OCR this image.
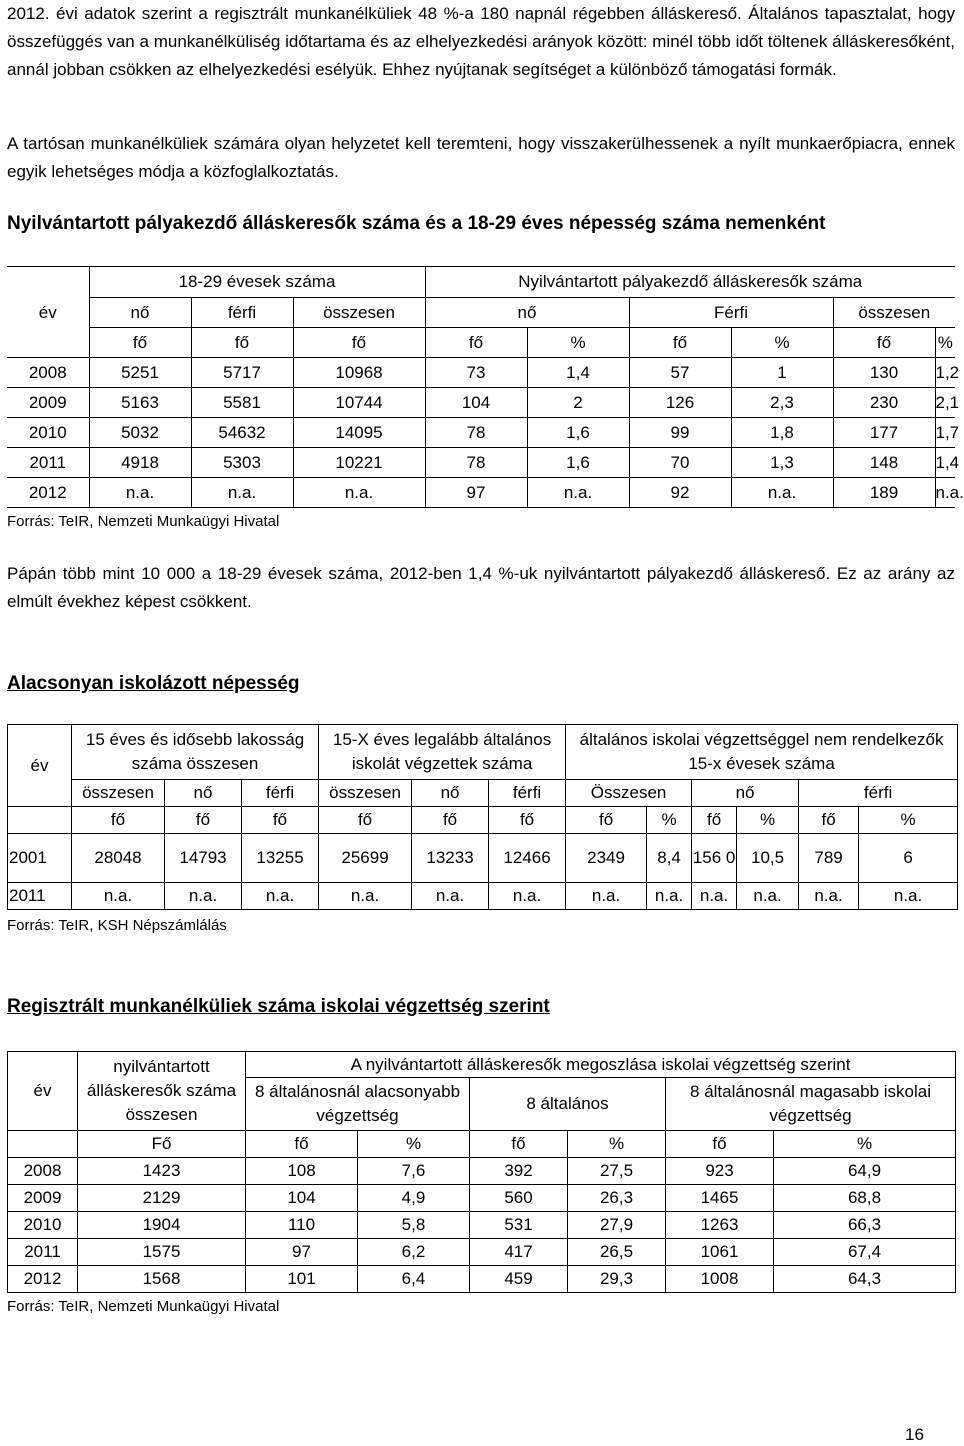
2012. évi adatok szerint a regisztrált munkanélküliek 48 %-a 180 napnál régebben álláskereső. Általános tapasztalat, hogy összefüggés van a munkanélküliség időtartama és az elhelyezkedési arányok között: minél több időt töltenek álláskeresőként, annál jobban csökken az elhelyezkedési esélyük. Ehhez nyújtanak segítséget a különböző támogatási formák.

A tartósan munkanélküliek számára olyan helyzetet kell teremteni, hogy visszakerülhessenek a nyílt munkaerőpiacra, ennek egyik lehetséges módja a közfoglalkoztatás.

Nyilvántartott pályakezdő álláskeresők száma és a 18-29 éves népesség száma nemenként
	18-29 évesek száma			Nyilvántartott pályakezdő álláskeresők száma					
év	nő	férfi	összesen	nő		Férfi		összesen	
	fő	fő	fő	fő	%	fő	%	fő	%
2008	5251	5717	10968	73	1,4	57	1	130	1,2
2009	5163	5581	10744	104	2	126	2,3	230	2,1
2010	5032	54632	14095	78	1,6	99	1,8	177	1,7
2011	4918	5303	10221	78	1,6	70	1,3	148	1,4
2012	n.a.	n.a.	n.a.	97	n.a.	92	n.a.	189	n.a.
Forrás: TeIR, Nemzeti Munkaügyi Hivatal

Pápán több mint 10 000 a 18-29 évesek száma, 2012-ben 1,4 %-uk nyilvántartott pályakezdő álláskereső. Ez az arány az elmúlt évekhez képest csökkent.

Alacsonyan iskolázott népesség
év	15 éves és idősebb lakosság száma összesen			15-X éves legalább általános iskolát végzettek száma			általános iskolai végzettséggel nem rendelkezők 15-x évesek száma					
	összesen	nő	férfi	összesen	nő	férfi	Összesen		nő		férfi	
	fő	fő	fő	fő	fő	fő	fő	%	fő	%	fő	%
2001	28048	14793	13255	25699	13233	12466	2349	8,4	156 0	10,5	789	6
2011	n.a.	n.a.	n.a.	n.a.	n.a.	n.a.	n.a.	n.a.	n.a.	n.a.	n.a.	n.a.
Forrás: TeIR, KSH Népszámlálás
Regisztrált munkanélküliek száma iskolai végzettség szerint
év	nyilvántartott álláskeresők száma összesen	A nyilvántartott álláskeresők megoszlása iskolai végzettség szerint					
		8 általánosnál alacsonyabb végzettség		8 általános		8 általánosnál magasabb iskolai végzettség	
	Fő	fő	%	fő	%	fő	%
2008	1423	108	7,6	392	27,5	923	64,9
2009	2129	104	4,9	560	26,3	1465	68,8
2010	1904	110	5,8	531	27,9	1263	66,3
2011	1575	97	6,2	417	26,5	1061	67,4
2012	1568	101	6,4	459	29,3	1008	64,3
Forrás: TeIR, Nemzeti Munkaügyi Hivatal
16
